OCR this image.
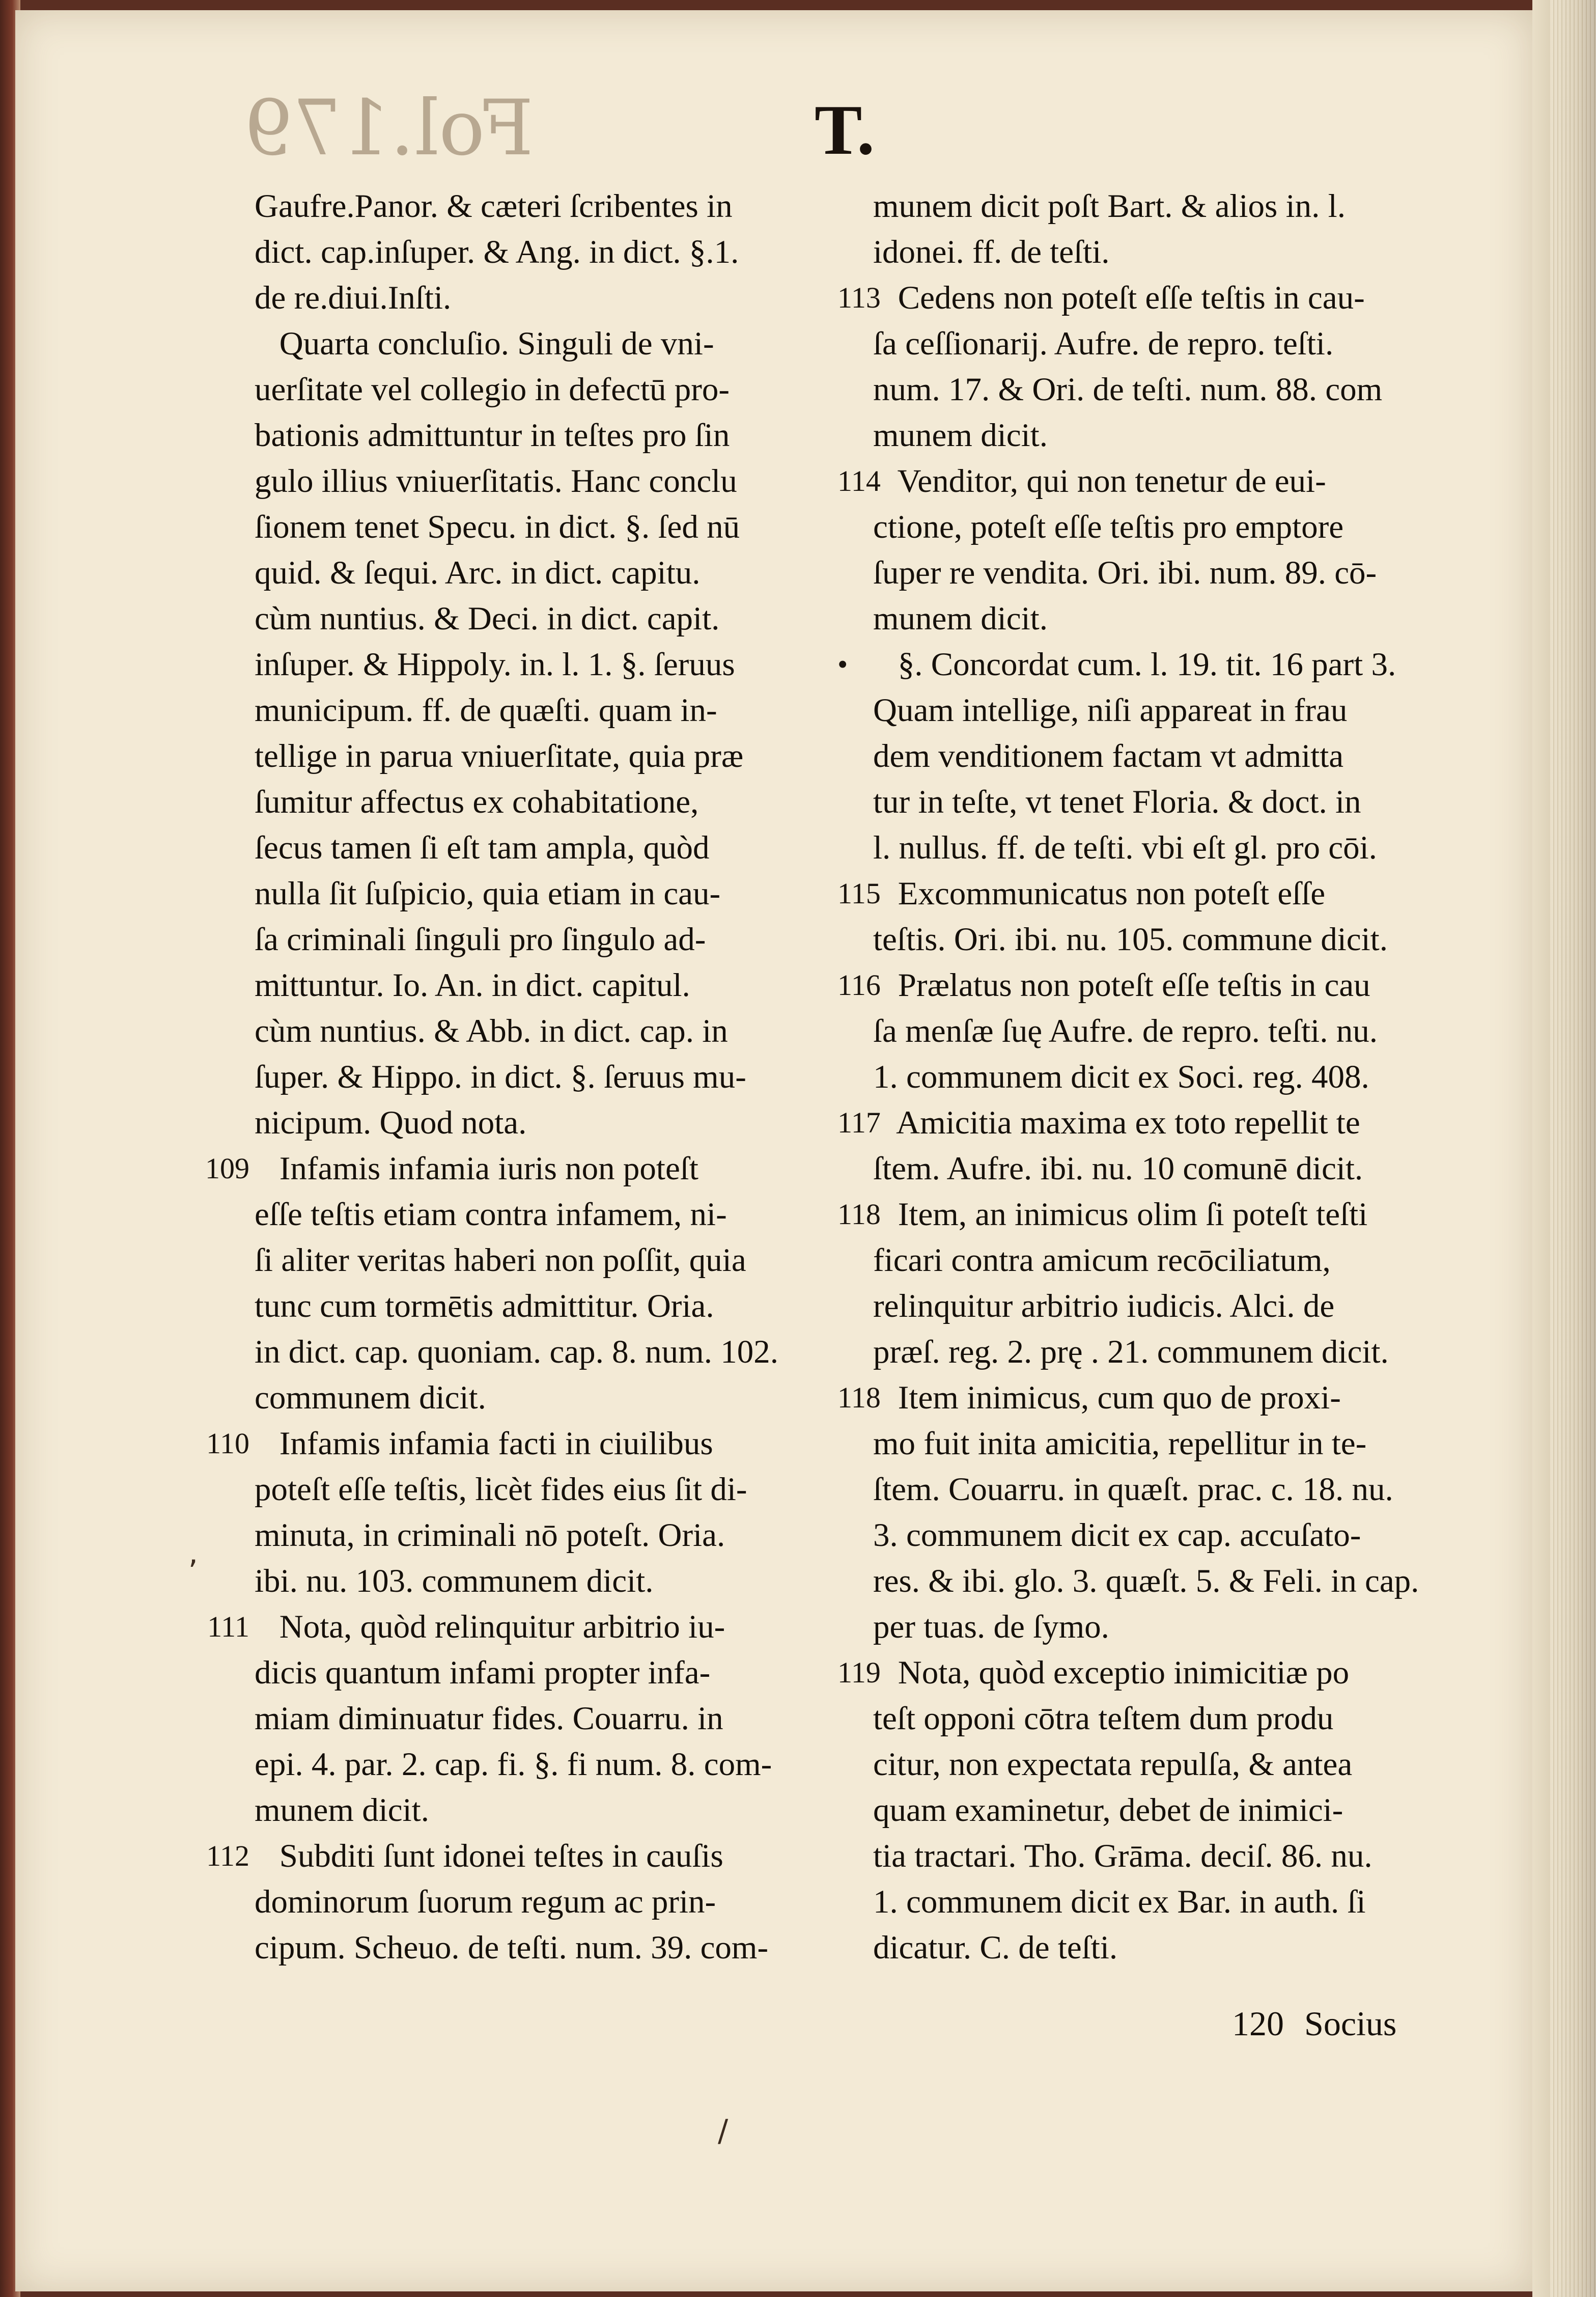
Fol.179	T.
Gaufre.Panor. & cæteri ſcribentes in
dict. cap.inſuper. & Ang. in dict. §.1.
de re.diui.Inſti.
Quarta concluſio. Singuli de vni-
uerſitate vel collegio in defectū pro-
bationis admittuntur in teſtes pro ſin
gulo illius vniuerſitatis. Hanc conclu
ſionem tenet Specu. in dict. §. ſed nū
quid. & ſequi. Arc. in dict. capitu.
cùm nuntius. & Deci. in dict. capit.
inſuper. & Hippoly. in. l. 1. §. ſeruus
municipum. ff. de quæſti. quam in-
tellige in parua vniuerſitate, quia præ
ſumitur affectus ex cohabitatione,
ſecus tamen ſi eſt tam ampla, quòd
nulla ſit ſuſpicio, quia etiam in cau-
ſa criminali ſinguli pro ſingulo ad-
mittuntur. Io. An. in dict. capitul.
cùm nuntius. & Abb. in dict. cap. in
ſuper. & Hippo. in dict. §. ſeruus mu-
nicipum. Quod nota.
109 Infamis infamia iuris non poteſt
eſſe teſtis etiam contra infamem, ni-
ſi aliter veritas haberi non poſſit, quia
tunc cum tormētis admittitur. Oria.
in dict. cap. quoniam. cap. 8. num. 102.
communem dicit.
110 Infamis infamia facti in ciuilibus
poteſt eſſe teſtis, licèt fides eius ſit di-
minuta, in criminali nō poteſt. Oria.
ibi. nu. 103. communem dicit.
111 Nota, quòd relinquitur arbitrio iu-
dicis quantum infami propter infa-
miam diminuatur fides. Couarru. in
epi. 4. par. 2. cap. fi. §. fi num. 8. com-
munem dicit.
112 Subditi ſunt idonei teſtes in cauſis
dominorum ſuorum regum ac prin-
cipum. Scheuo. de teſti. num. 39. com-
munem dicit poſt Bart. & alios in. l.
idonei. ff. de teſti.
113
Cedens non poteſt eſſe teſtis in cau-
ſa ceſſionarij. Aufre. de repro. teſti.
num. 17. & Ori. de teſti. num. 88. com
munem dicit.
114
Venditor, qui non tenetur de eui-
ctione, poteſt eſſe teſtis pro emptore
ſuper re vendita. Ori. ibi. num. 89. cō-
munem dicit.
• §. Concordat cum. l. 19. tit. 16 part 3.
Quam intellige, niſi appareat in frau
dem venditionem factam vt admitta
tur in teſte, vt tenet Floria. & doct. in
l. nullus. ff. de teſti. vbi eſt gl. pro cōi.
115
Excommunicatus non poteſt eſſe
teſtis. Ori. ibi. nu. 105. commune dicit.
116
Prælatus non poteſt eſſe teſtis in cau
ſa menſæ ſuę Aufre. de repro. teſti. nu.
1. communem dicit ex Soci. reg. 408.
117
Amicitia maxima ex toto repellit te
ſtem. Aufre. ibi. nu. 10 comunē dicit.
118
Item, an inimicus olim ſi poteſt teſti
ficari contra amicum recōciliatum,
relinquitur arbitrio iudicis. Alci. de
præſ. reg. 2. prę . 21. communem dicit.
118
Item inimicus, cum quo de proxi-
mo fuit inita amicitia, repellitur in te-
ſtem. Couarru. in quæſt. prac. c. 18. nu.
3. communem dicit ex cap. accuſato-
res. & ibi. glo. 3. quæſt. 5. & Feli. in cap.
per tuas. de ſymo.
119
Nota, quòd exceptio inimicitiæ po
teſt opponi cōtra teſtem dum produ
citur, non expectata repulſa, & antea
quam examinetur, debet de inimici-
tia tractari. Tho. Grāma. deciſ. 86. nu.
1. communem dicit ex Bar. in auth. ſi
dicatur. C. de teſti.
,
/
120 Socius
